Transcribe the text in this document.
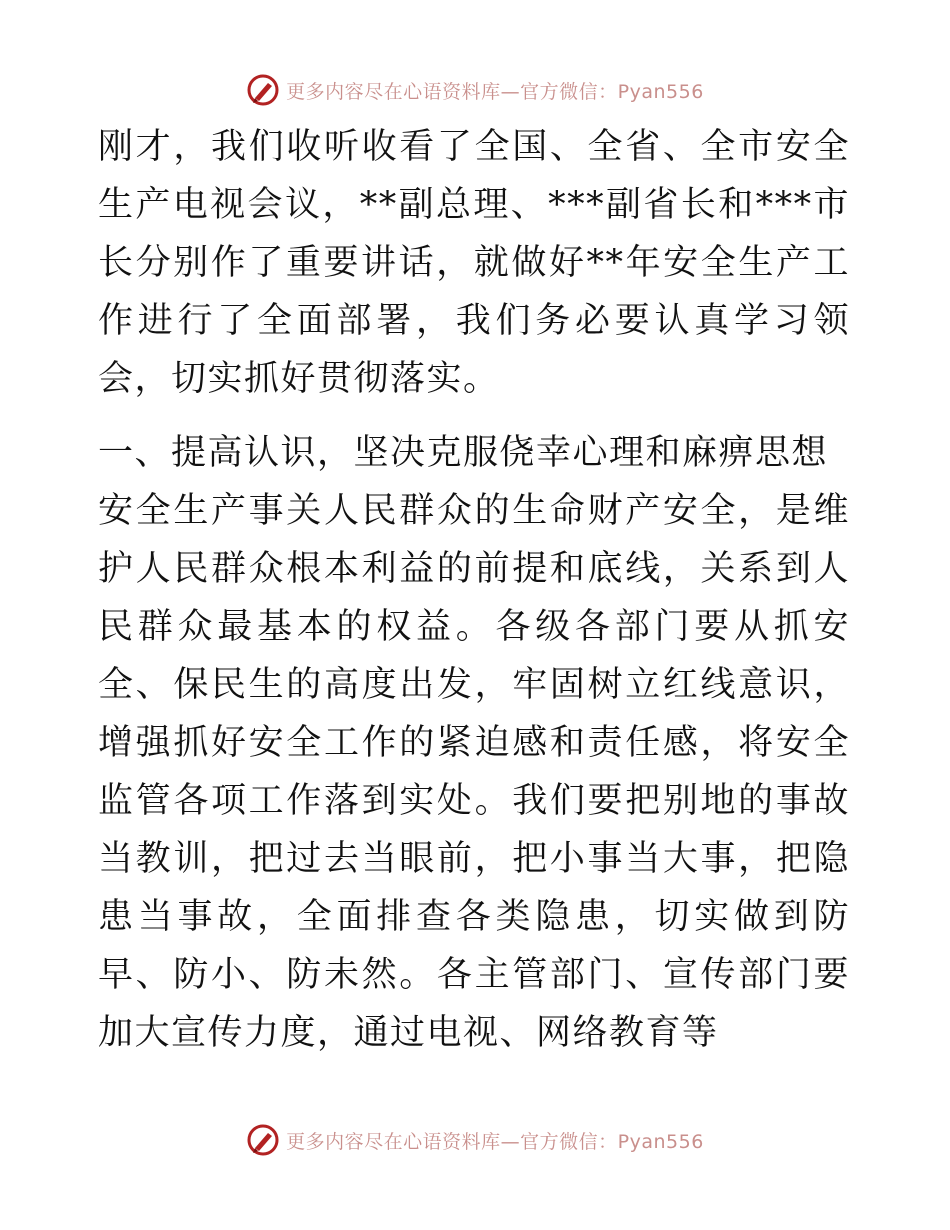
更多内容尽在心语资料库—官方微信：Pyan556

刚才，我们收听收看了全国、全省、全市安全生产电视会议，**副总理、***副省长和***市长分别作了重要讲话，就做好**年安全生产工作进行了全面部署，我们务必要认真学习领会，切实抓好贯彻落实。

一、提高认识，坚决克服侥幸心理和麻痹思想

安全生产事关人民群众的生命财产安全，是维护人民群众根本利益的前提和底线，关系到人民群众最基本的权益。各级各部门要从抓安全、保民生的高度出发，牢固树立红线意识，增强抓好安全工作的紧迫感和责任感，将安全监管各项工作落到实处。我们要把别地的事故当教训，把过去当眼前，把小事当大事，把隐患当事故，全面排查各类隐患，切实做到防早、防小、防未然。各主管部门、宣传部门要加大宣传力度，通过电视、网络教育等

更多内容尽在心语资料库—官方微信：Pyan556
